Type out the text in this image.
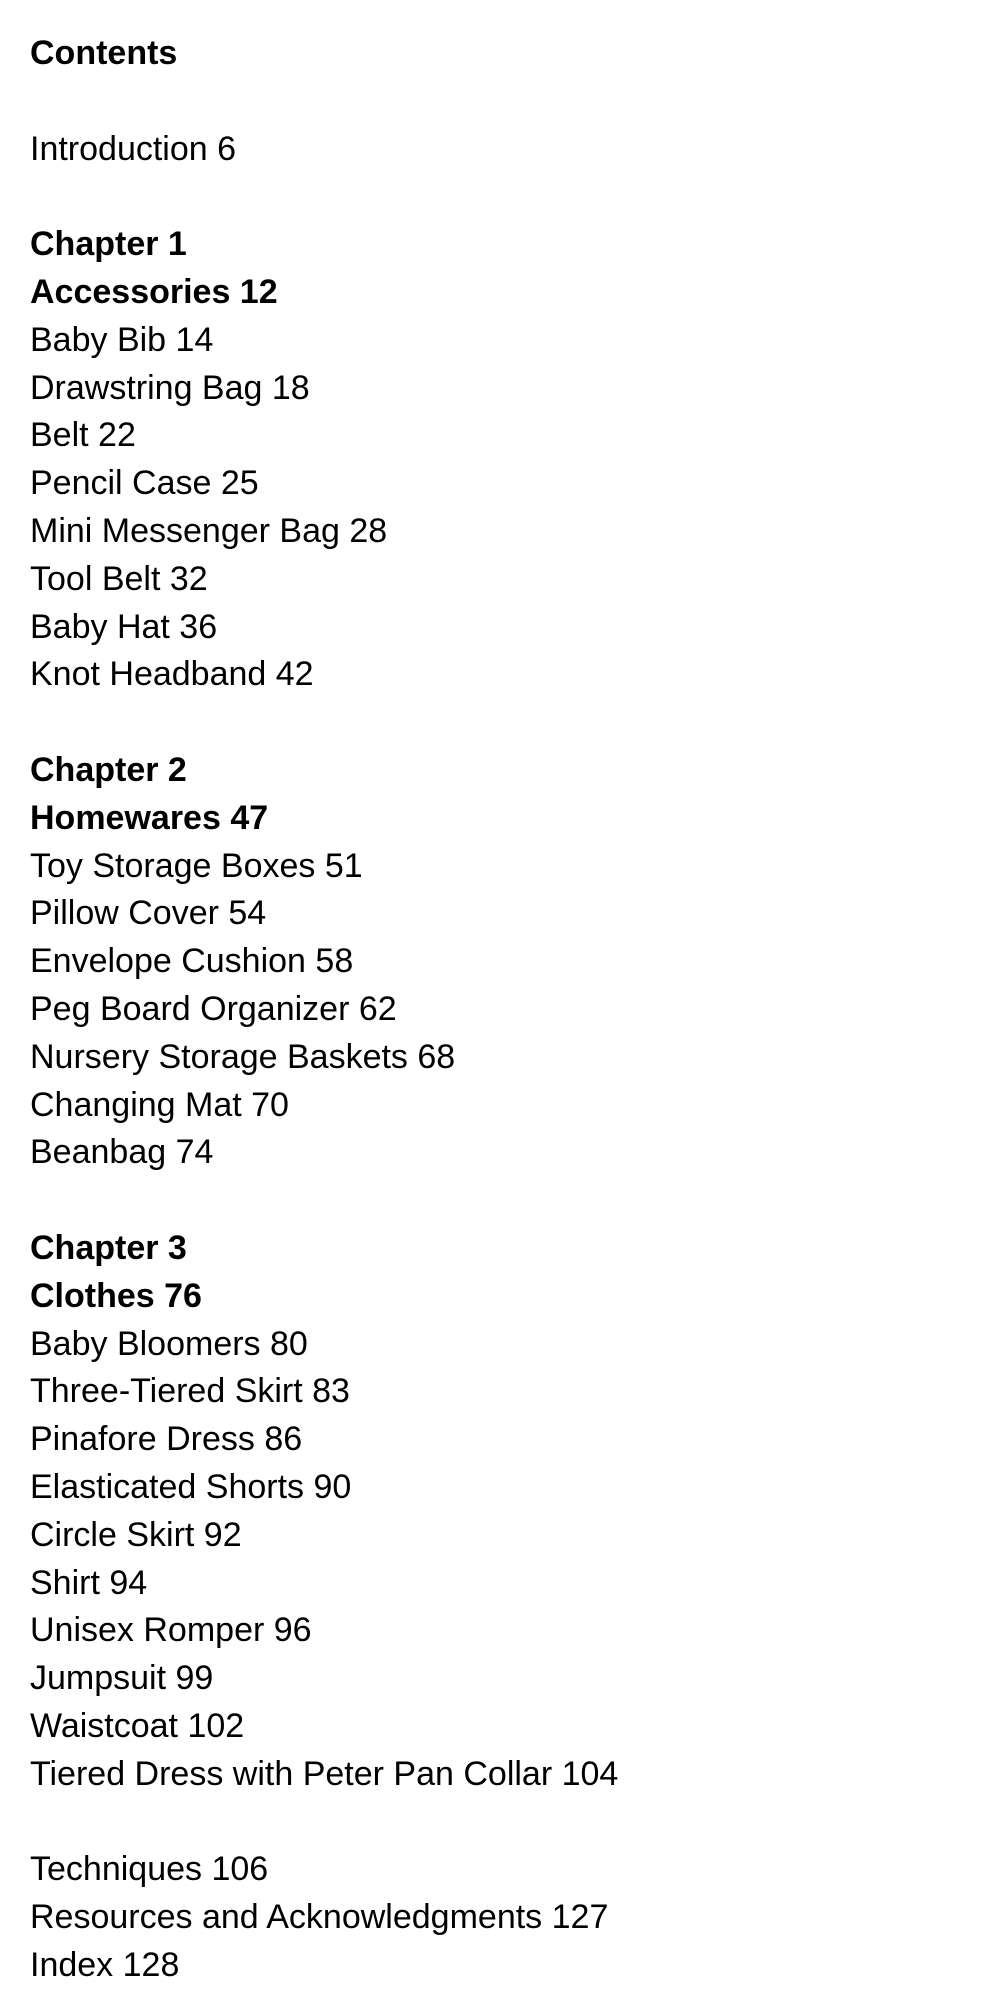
Contents
Introduction 6
Chapter 1
Accessories 12
Baby Bib 14
Drawstring Bag 18
Belt 22
Pencil Case 25
Mini Messenger Bag 28
Tool Belt 32
Baby Hat 36
Knot Headband 42
Chapter 2
Homewares 47
Toy Storage Boxes 51
Pillow Cover 54
Envelope Cushion 58
Peg Board Organizer 62
Nursery Storage Baskets 68
Changing Mat 70
Beanbag 74
Chapter 3
Clothes 76
Baby Bloomers 80
Three-Tiered Skirt 83
Pinafore Dress 86
Elasticated Shorts 90
Circle Skirt 92
Shirt 94
Unisex Romper 96
Jumpsuit 99
Waistcoat 102
Tiered Dress with Peter Pan Collar 104
Techniques 106
Resources and Acknowledgments 127
Index 128
